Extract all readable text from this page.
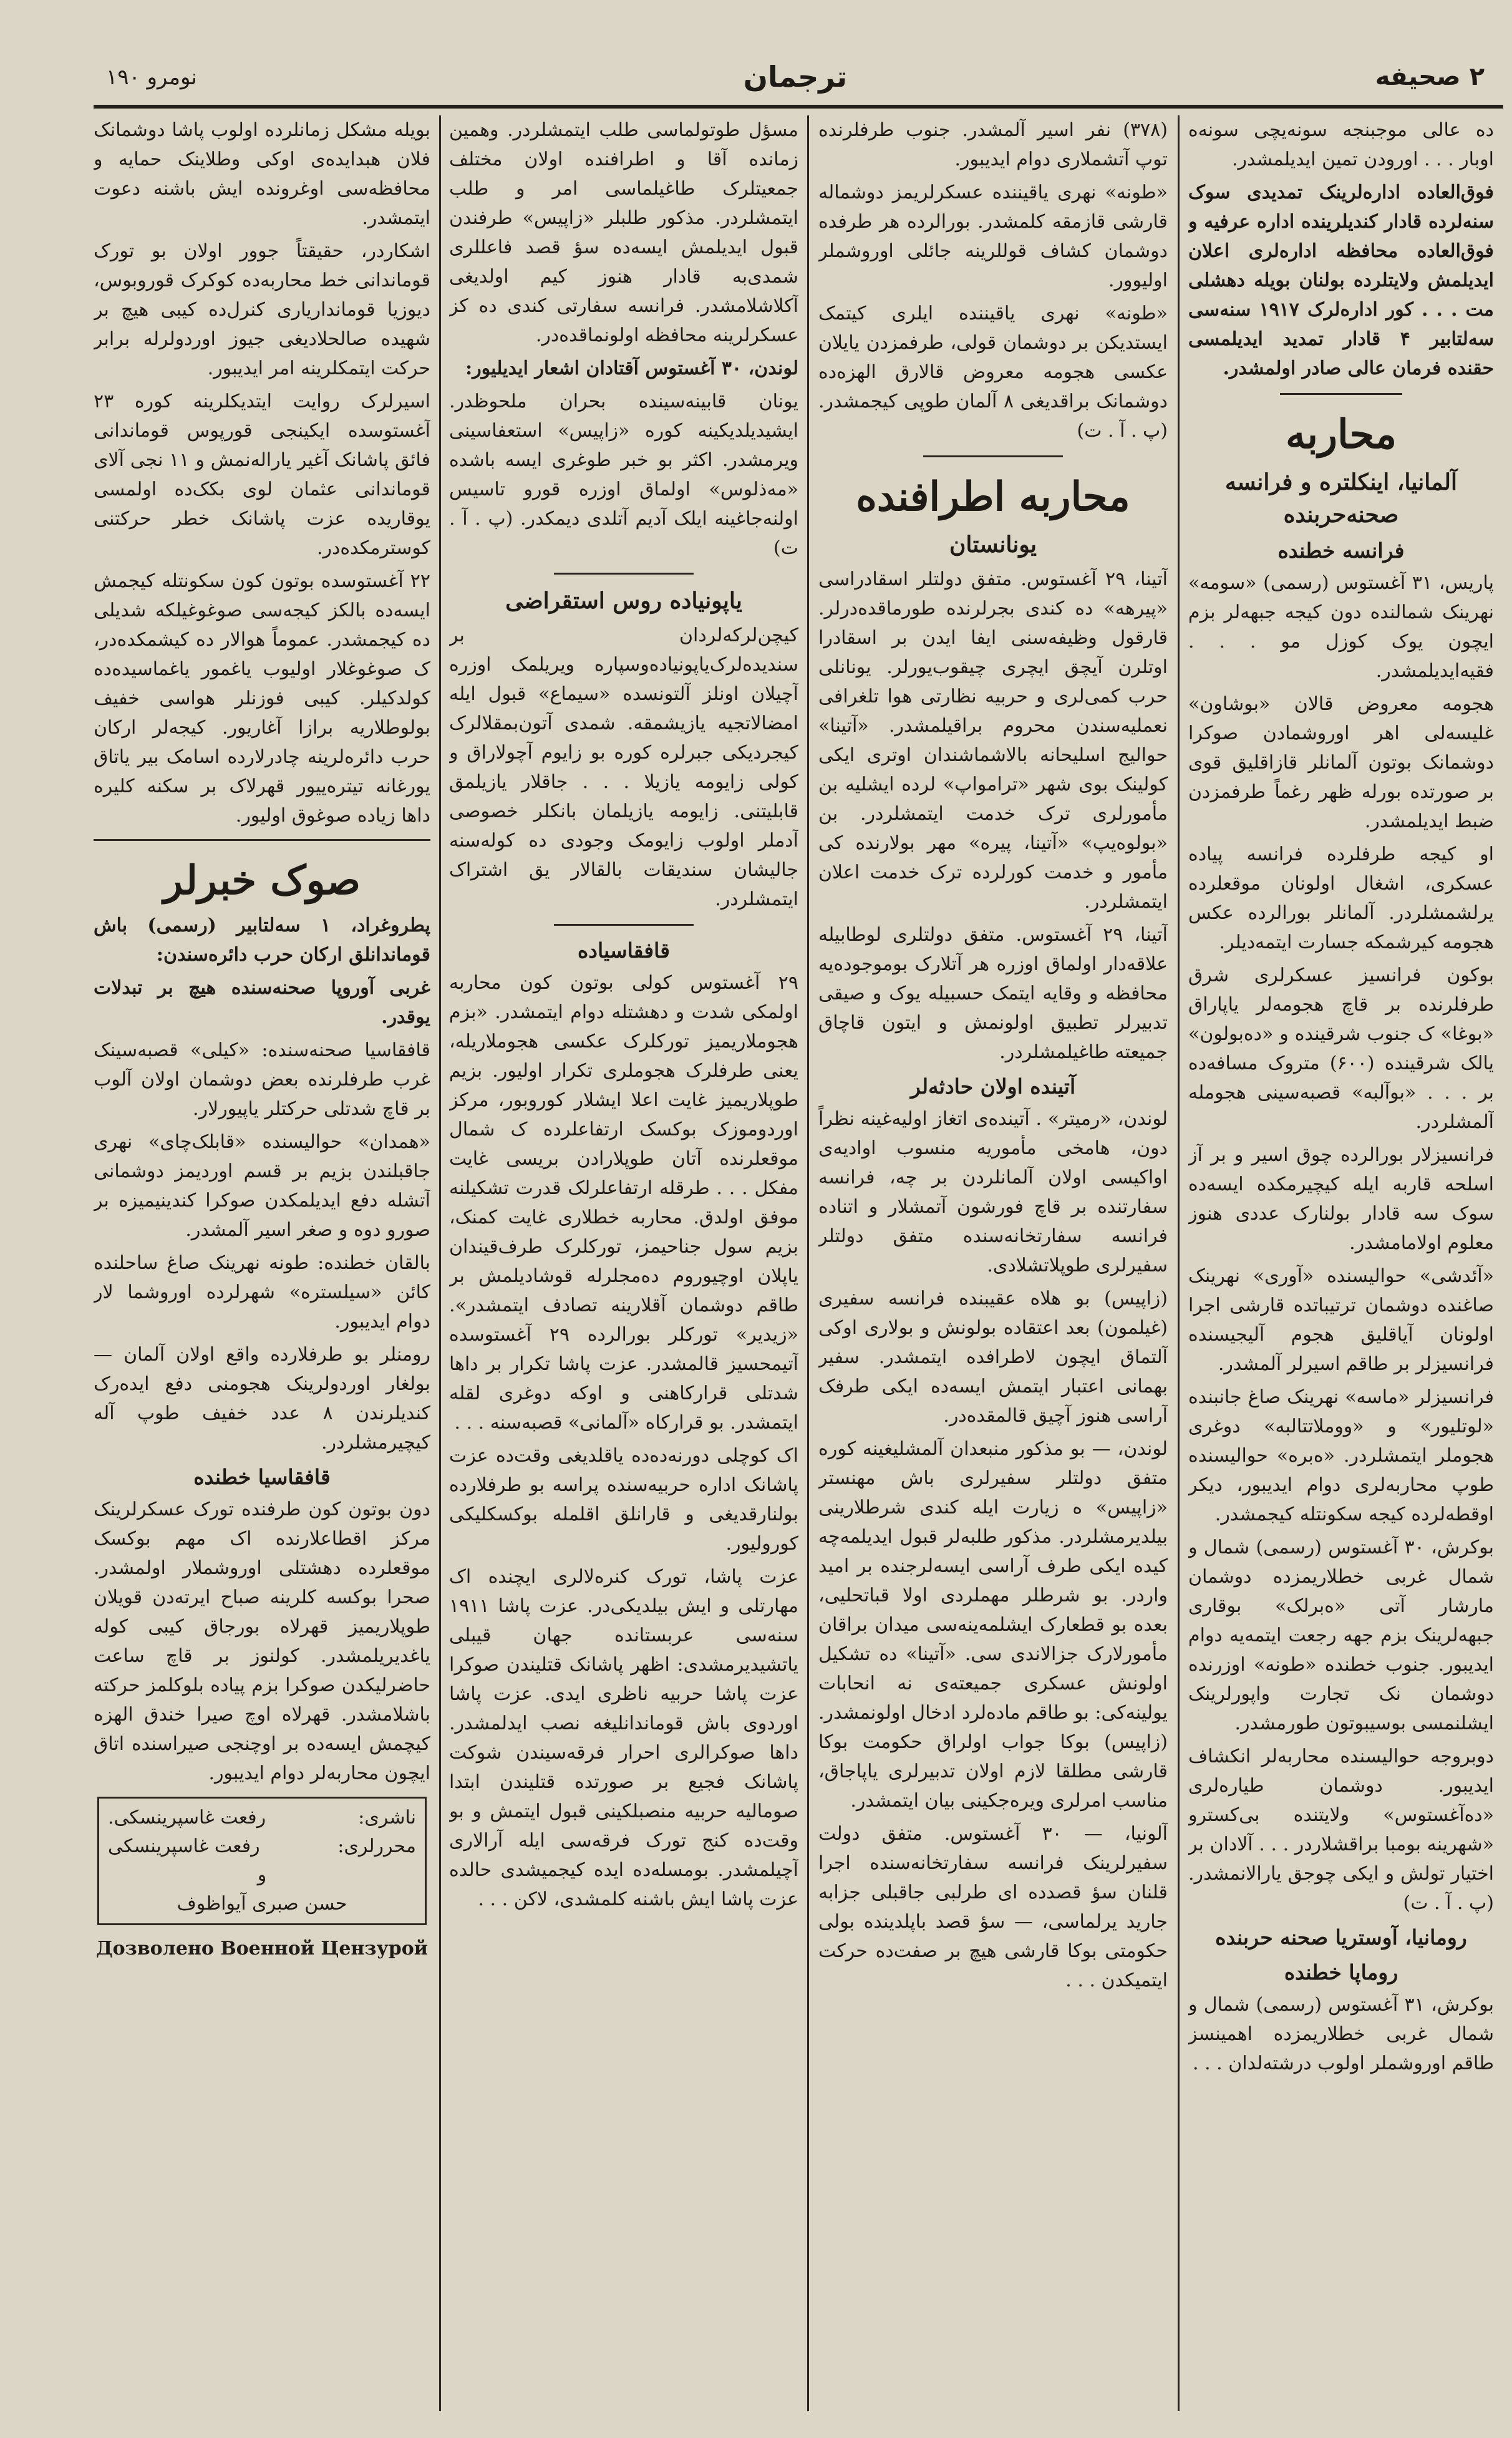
۲ صحیفه
ترجمان
نومرو ۱۹۰

ده عالی موجبنجه سونه‌یچی سونه‌ه اوبار . . . اورودن تمین ایدیلمشدر.

فوق‌العاده اداره‌لرینک تمدیدی سوک سنه‌لرده قادار کندیلرینده اداره عرفیه و فوق‌العاده محافظه اداره‌لری اعلان ایدیلمش ولایتلرده بولنان بویله دهشلی مت‌ . . . کور اداره‌لرک ۱۹۱۷ سنه‌سی سه‌لتابیر ۴ قادار تمدید ایدیلمسی حقنده فرمان عالی صادر اولمشدر.

محاربه
آلمانیا، اینکلتره و فرانسه صحنه‌حربنده
فرانسه خطنده

پاریس، ۳۱ آغستوس (رسمی) «سومه» نهرینک شمالنده دون کیجه جبهه‌لر بزم ایچون یوک کوزل مو . . . فقیه‌ایدیلمشدر.

هجومه معروض قالان «بوشاون» غلیسه‌لی اهر اوروشمادن صوکرا دوشمانک بوتون آلمانلر قازاقلیق قوی بر صورتده بورله ظهر رغماً طرفمزدن ضبط ایدیلمشدر.

او کیجه طرفلرده فرانسه پیاده عسکری، اشغال اولونان موقعلرده یرلشمشلردر. آلمانلر بورالرده عکس هجومه کیرشمکه جسارت ایتمه‌دیلر.

بوکون فرانسیز عسکرلری شرق طرفلرنده بر قاچ هجومه‌لر یاپاراق «بوغا» ک جنوب شرقینده و «ده‌بولون» یالک شرقینده (۶۰۰) متروک مسافه‌ده بر . . . «بوآلبه» قصبه‌سینی هجومله آلمشلردر.

فرانسیزلار بورالرده چوق اسیر و بر آز اسلحه قاربه ایله کیچیرمکده ایسه‌ده سوک سه قادار بولنارک عددی هنوز معلوم اولامامشدر.

«آئدشی» حوالیسنده «آوری» نهرینک صاغنده دوشمان ترتیباتده قارشی اجرا اولونان آیاقلیق هجوم آلیجیسنده فرانسیزلر بر طاقم اسیرلر آلمشدر.

فرانسیزلر «ماسه» نهرینک صاغ جانبنده «لوتلیور» و «ووملاتتالبه» دوغری هجوملر ایتمشلردر. «ه‌بره» حوالیسنده طوپ محاربه‌لری دوام ایدیبور، دیکر اوقطه‌لرده کیجه سکونتله کیجمشدر.

بوکرش، ۳۰ آغستوس (رسمی) شمال و شمال غربی خطلاریمزده دوشمان مارشار آتی «ه‌برلک» بوقاری جبهه‌لرینک بزم جهه رجعت ایتمه‌یه دوام ایدیبور. جنوب خطنده «طونه» اوزرنده دوشمان نک تجارت واپورلرینک ایشلنمسی بوسیبوتون طورمشدر.

دوبروجه حوالیسنده محاربه‌لر انکشاف ایدیبور. دوشمان طیاره‌لری «ده‌آغستوس» ولایتنده بی‌کسترو «شهرینه بومبا براقشلاردر . . . آلادان بر اختیار تولش و ایکی چوجق یارالانمشدر. (پ . آ . ت)

رومانیا، آوستریا صحنه حربنده
روماپا خطنده

بوکرش، ۳۱ آغستوس (رسمی) شمال و شمال غربی خطلاریمزده اهمینسز طاقم اوروشملر اولوب درشته‌لدان . . .

(۳۷۸) نفر اسیر آلمشدر. جنوب طرفلرنده توپ آتشملاری دوام ایدیبور.

«طونه» نهری یاقیننده عسکرلریمز دوشماله قارشی قازمقه کلمشدر. بورالرده هر طرفده دوشمان کشاف قوللرینه جائلی اوروشملر اولیوور.

«طونه» نهری یاقیننده ایلری کیتمک ایستدیکن بر دوشمان قولی، طرفمزدن یایلان عکسی هجومه معروض قالارق الهزه‌ده دوشمانک براقدیغی ۸ آلمان طوپی کیجمشدر. (پ . آ . ت)

محاربه اطرافنده
یونانستان

آتینا، ۲۹ آغستوس. متفق دولتلر اسقادراسی «پیرهه» ده کندی بجرلرنده طورماقده‌درلر. قارقول وظیفه‌سنی ایفا ایدن بر اسقادرا اوتلرن آیچق ایچری چیقوب‌یورلر. یونانلی حرب کمی‌لری و حربیه نظارتی هوا تلغرافی نعملیه‌سندن محروم براقیلمشدر. «آتینا» حوالیج اسلیحانه بالاشماشندان اوتری ایکی کولینک بوی شهر «ترامواپ» لرده ایشلیه بن مأمورلری ترک خدمت ایتمشلردر. بن «بولوه‌یپ» «آتینا، پیره» مهر بولارنده کی مأمور و خدمت کورلرده ترک خدمت اعلان ایتمشلردر.

آتینا، ۲۹ آغستوس. متفق دولتلری لوطابیله علاقه‌دار اولماق اوزره هر آتلارک بوموجوده‌یه محافظه و وقایه ایتمک حسبیله یوک و صیقی تدبیرلر تطبیق اولونمش و ایتون قاچاق جمیعته طاغیلمشلردر.

آتینده اولان حادثه‌لر

لوندن، «رمیتر» . آتینده‌ی اتغاز اولیه‌غینه نظراً دون، هامخی مأموریه منسوب اوادیه‌ی اواکیسی اولان آلمانلردن بر چه، فرانسه سفارتنده بر قاچ فورشون آتمشلار و اتناده فرانسه سفارتخانه‌سنده متفق دولتلر سفیرلری طوپلاتشلادی.

(زاپیس) بو هلاه عقیبنده فرانسه سفیری (غیلمون) بعد اعتقاده بولونش و بولاری اوکی آلتماق ایچون لاطرافده ایتمشدر. سفیر بهمانی اعتبار ایتمش ایسه‌ده ایکی طرفک آراسی هنوز آچیق قالمقده‌در.

لوندن، — بو مذکور منبعدان آلمشلیغینه کوره متفق دولتلر سفیرلری باش مهنستر «زاپیس» ه زیارت ایله کندی شرطلارینی بیلدیرمشلردر. مذکور طلبه‌لر قبول ایدیلمه‌چه کیده ایکی طرف آراسی ایسه‌لرجنده بر امید واردر. بو شرطلر مهملردی اولا قباتحلیی، بعده بو قطعارک ایشلمه‌ینه‌سی میدان براقان مأمورلارک جزالاندی سی. «آتینا» ده تشکیل اولونش عسکری جمیعته‌ی نه انحابات یولینه‌کی: بو طاقم ماده‌لرد ادخال اولونمشدر. (زاپیس) بوکا جواب اولراق حکومت بوکا قارشی مطلقا لازم اولان تدبیرلری یاپاجاق، مناسب امرلری ویره‌جکینی بیان ایتمشدر.

آلونیا، — ۳۰ آغستوس. متفق دولت سفیرلرینک فرانسه سفارتخانه‌سنده اجرا قلنان سؤ قصدده ای طرلبی جاقبلی جزابه جارید یرلماسی، — سؤ قصد باپلدینده بولی حکومتی بوکا قارشی هیچ بر صفت‌ده حرکت ایتمیکدن . . .

مسؤل طوتولماسی طلب ایتمشلردر. وهمین زمانده آقا و اطرافنده اولان مختلف جمعیتلرک طاغیلماسی امر و طلب ایتمشلردر. مذکور طلبلر «زاپیس» طرفندن قبول ایدیلمش ایسه‌ده سؤ قصد فاعللری شمدی‌به قادار هنوز کیم اولدیغی آکلاشلامشدر. فرانسه سفارتی کندی ده کز عسکرلرینه محافظه اولونماقده‌در.

لوندن، ۳۰ آغستوس آقتادان اشعار ایدیلیور:

یونان قابینه‌سینده بحران ملحوظدر. ایشیدیلدیکینه کوره «زاپیس» استعفاسینی ویرمشدر. اکثر بو خبر طوغری ایسه باشده «مه‌ذلوس» اولماق اوزره قورو تاسیس اولنه‌جاغینه ایلک آدیم آتلدی دیمکدر. (پ . آ . ت)

یاپونیاده روس استقراضی

کیچن‌لرکه‌لردان بر سندیده‌لرک‌یاپونیاده‌وسپاره ویریلمک اوزره آچیلان اونلز آلتونسده «سیماع» قبول ایله امضالاتجیه یازیشمقه. شمدی آتون‌بمقلالرک کیجردیکی جبرلره کوره بو زایوم آچولاراق و کولی زایومه یازیلا . . . جاقلار یازیلمق قابلیتنی. زایومه یازیلمان بانکلر خصوصی آدملر اولوب زایومک وجودی ده کوله‌سنه جالیشان سندیقات بالقالار یق اشتراک ایتمشلردر.

قافقاسیاده

۲۹ آغستوس کولی بوتون کون محاربه اولمکی شدت و دهشتله دوام ایتمشدر. «بزم هجوملاریمیز تورکلرک عکسی هجوملاریله، یعنی طرفلرک هجوملری تکرار اولیور. بزیم طوپلاریمیز غایت اعلا ایشلار کوروبور، مرکز اوردوموزک بوکسک ارتفاعلرده ک شمال موقعلرنده آتان طوپلارادن بریسی غایت مفکل . . . طرقله ارتفاعلرلک قدرت تشکیلنه موفق اولدق. محاربه خطلاری غایت کمنک، بزیم سول جناحیمز، تورکلرک طرف‌قیندان یاپلان اوچیوروم ده‌مجلرله قوشادیلمش بر طاقم دوشمان آقلارینه تصادف ایتمشدر». «زیدیر» تورکلر بورالرده ۲۹ آغستوسده آتیمحسیز قالمشدر. عزت پاشا تکرار بر داها شدتلی قرارکاهنی و اوکه دوغری لقله ایتمشدر. بو قرارکاه «آلمانی» قصبه‌سنه . . .

اک کوچلی دورنه‌ده‌ده یاقلدیغی وقت‌ده عزت پاشانک اداره حربیه‌سنده پراسه بو طرفلارده بولنارقدیغی و قارانلق اقلمله بوکسکلیکی کورولیور.

عزت پاشا، تورک کنره‌لالری ایچنده اک مهارتلی و ایش بیلدیکی‌در. عزت پاشا ۱۹۱۱ سنه‌سی عربستانده جهان قیبلی یاتشیدیرمشدی: اظهر پاشانک قتلیندن صوکرا عزت پاشا حربیه ناظری ایدی. عزت پاشا اوردوی باش قوماندانلیغه نصب ایدلمشدر. داها صوکرالری احرار فرقه‌سیندن شوکت پاشانک فجیع بر صورتده قتلیندن ابتدا صومالیه حربیه منصبلکینی قبول ایتمش و بو وقت‌ده کنج تورک فرقه‌سی ایله آرالاری آچیلمشدر. بومسله‌ده ایده کیجمیشدی حالده عزت پاشا ایش باشنه کلمشدی، لاکن . . .

بویله مشکل زمانلرده اولوب پاشا دوشمانک فلان هبدایده‌ی اوکی وطلاینک حمایه و محافظه‌سی اوغرونده ایش باشنه دعوت ایتمشدر.

اشکاردر، حقیقتاً جوور اولان بو تورک قوماندانی خط محاربه‌ده کوکرک قوروبوس، دیوزیا قومانداریاری کنرل‌ده کیبی هیچ بر شهیده صالحلادیغی جیوز اوردولرله برابر حرکت ایتمکلرینه امر ایدیبور.

اسیرلرک روایت ایتدیکلرینه کوره ۲۳ آغستوسده ایکینجی قورپوس قوماندانی فائق پاشانک آغیر یاراله‌نمش و ۱۱ نجی آلای قوماندانی عثمان لوی بکک‌ده اولمسی یوقاریده عزت پاشانک خطر حرکتنی کوسترمکده‌در.

۲۲ آغستوسده بوتون کون سکونتله کیجمش ایسه‌ده بالکز کیجه‌سی صوغوغیلکه شدیلی ده کیجمشدر. عموماً هوالار ده کیشمکده‌در، ک صوغوغلار اولیوب یاغمور یاغماسیده‌ده کولدکیلر. کیبی فوزنلر هواسی خفیف بولوطلاریه برازا آغاریور. کیجه‌لر ارکان حرب دائره‌لرینه چادرلارده اسامک بیر یاتاق یورغانه تیتره‌ییور قهرلاک بر سکنه کلیره داها زیاده صوغوق اولیور.

صوک خبرلر

پطروغراد، ۱ سه‌لتابیر (رسمی) باش قوماندانلق ارکان حرب دائره‌سندن:

غربی آوروپا صحنه‌سنده هیچ بر تبدلات یوقدر.

قافقاسیا صحنه‌سنده: «کیلی» قصبه‌سینک غرب طرفلرنده بعض دوشمان اولان آلوب بر قاچ شدتلی حرکتلر یاپیورلار.

«همدان» حوالیسنده «قابلک‌چای» نهری جاقبلندن بزیم بر قسم اوردیمز دوشمانی آتشله دفع ایدیلمکدن صوکرا کندینیمیزه بر صورو دوه و صغر اسیر آلمشدر.

بالقان خطنده: طونه نهرینک صاغ ساحلنده کائن «سیلستره» شهرلرده اوروشما لار دوام ایدیبور.

رومنلر بو طرفلارده واقع اولان آلمان — بولغار اوردولرینک هجومنی دفع ایده‌رک کندیلرندن ۸ عدد خفیف طوپ آله کیچیرمشلردر.

قافقاسیا خطنده

دون بوتون کون طرفنده تورک عسکرلرینک مرکز اقطاعلارنده اک مهم بوکسک موقعلرده دهشتلی اوروشملار اولمشدر. صحرا بوکسه کلرینه صباح ایرته‌دن قویلان طوپلاریمیز قهرلاه بورجاق کیبی کوله یاغدیریلمشدر. کولنوز بر قاچ ساعت حاضرلیکدن صوکرا بزم پیاده بلوکلمز حرکته باشلامشدر. قهرلاه اوچ صیرا خندق الهزه کیچمش ایسه‌ده بر اوچنجی صیراسنده اتاق ایچون محاربه‌لر دوام ایدیبور.

ناشری:
رفعت غاسپرینسکی.
محررلری:
رفعت غاسپرینسکی
و
حسن صبری آیواظوف
Дозволено Военной Цензурой
